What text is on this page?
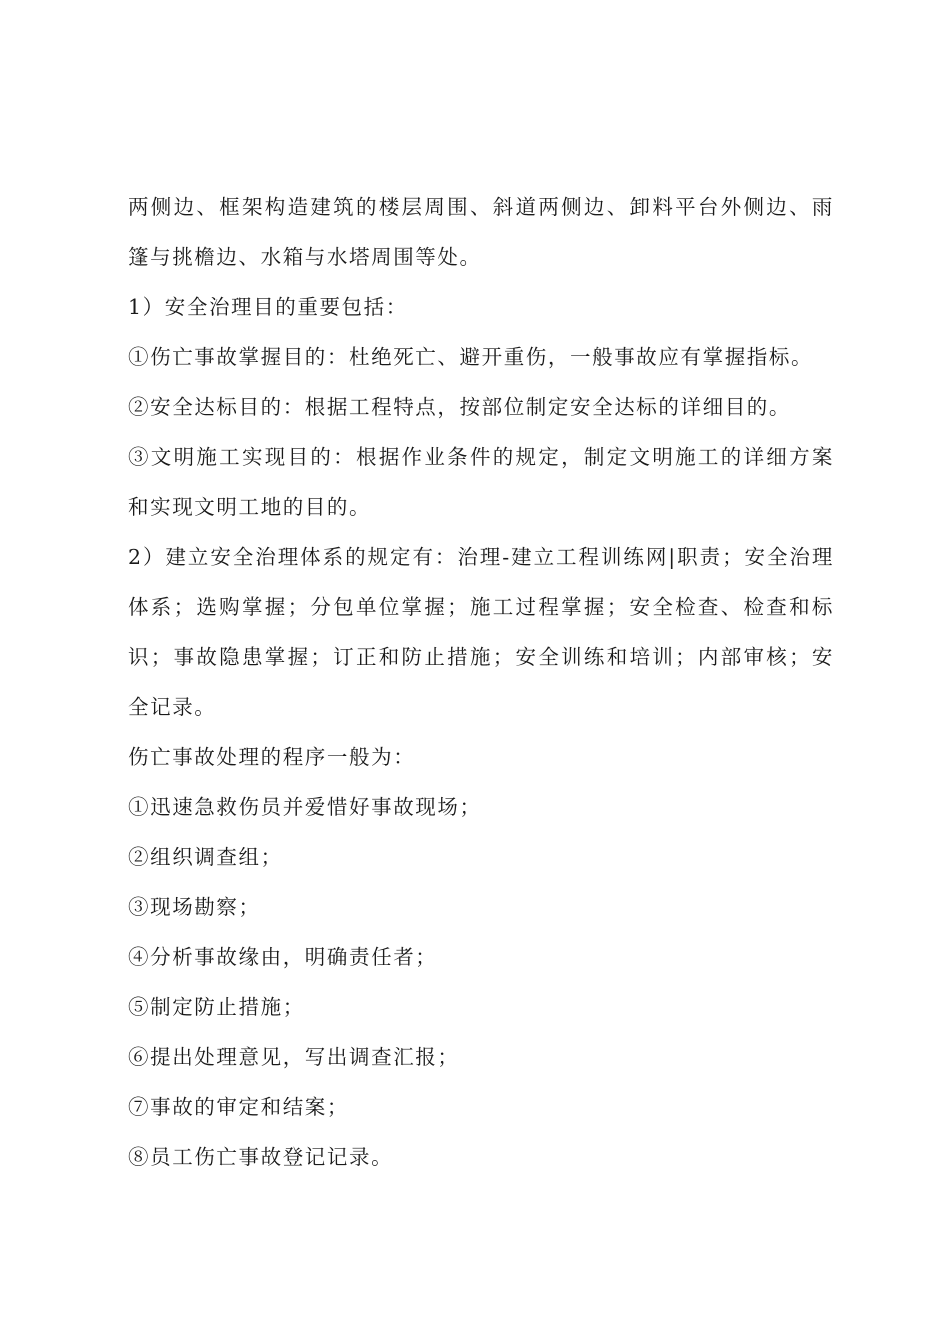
两侧边、框架构造建筑的楼层周围、斜道两侧边、卸料平台外侧边、雨篷与挑檐边、水箱与水塔周围等处。

1）安全治理目的重要包括：

①伤亡事故掌握目的：杜绝死亡、避开重伤，一般事故应有掌握指标。

②安全达标目的：根据工程特点，按部位制定安全达标的详细目的。

③文明施工实现目的：根据作业条件的规定，制定文明施工的详细方案和实现文明工地的目的。

2）建立安全治理体系的规定有：治理-建立工程训练网|职责；安全治理体系；选购掌握；分包单位掌握；施工过程掌握；安全检查、检查和标识；事故隐患掌握；订正和防止措施；安全训练和培训；内部审核；安全记录。

伤亡事故处理的程序一般为：

①迅速急救伤员并爱惜好事故现场；

②组织调查组；

③现场勘察；

④分析事故缘由，明确责任者；

⑤制定防止措施；

⑥提出处理意见，写出调查汇报；

⑦事故的审定和结案；

⑧员工伤亡事故登记记录。
